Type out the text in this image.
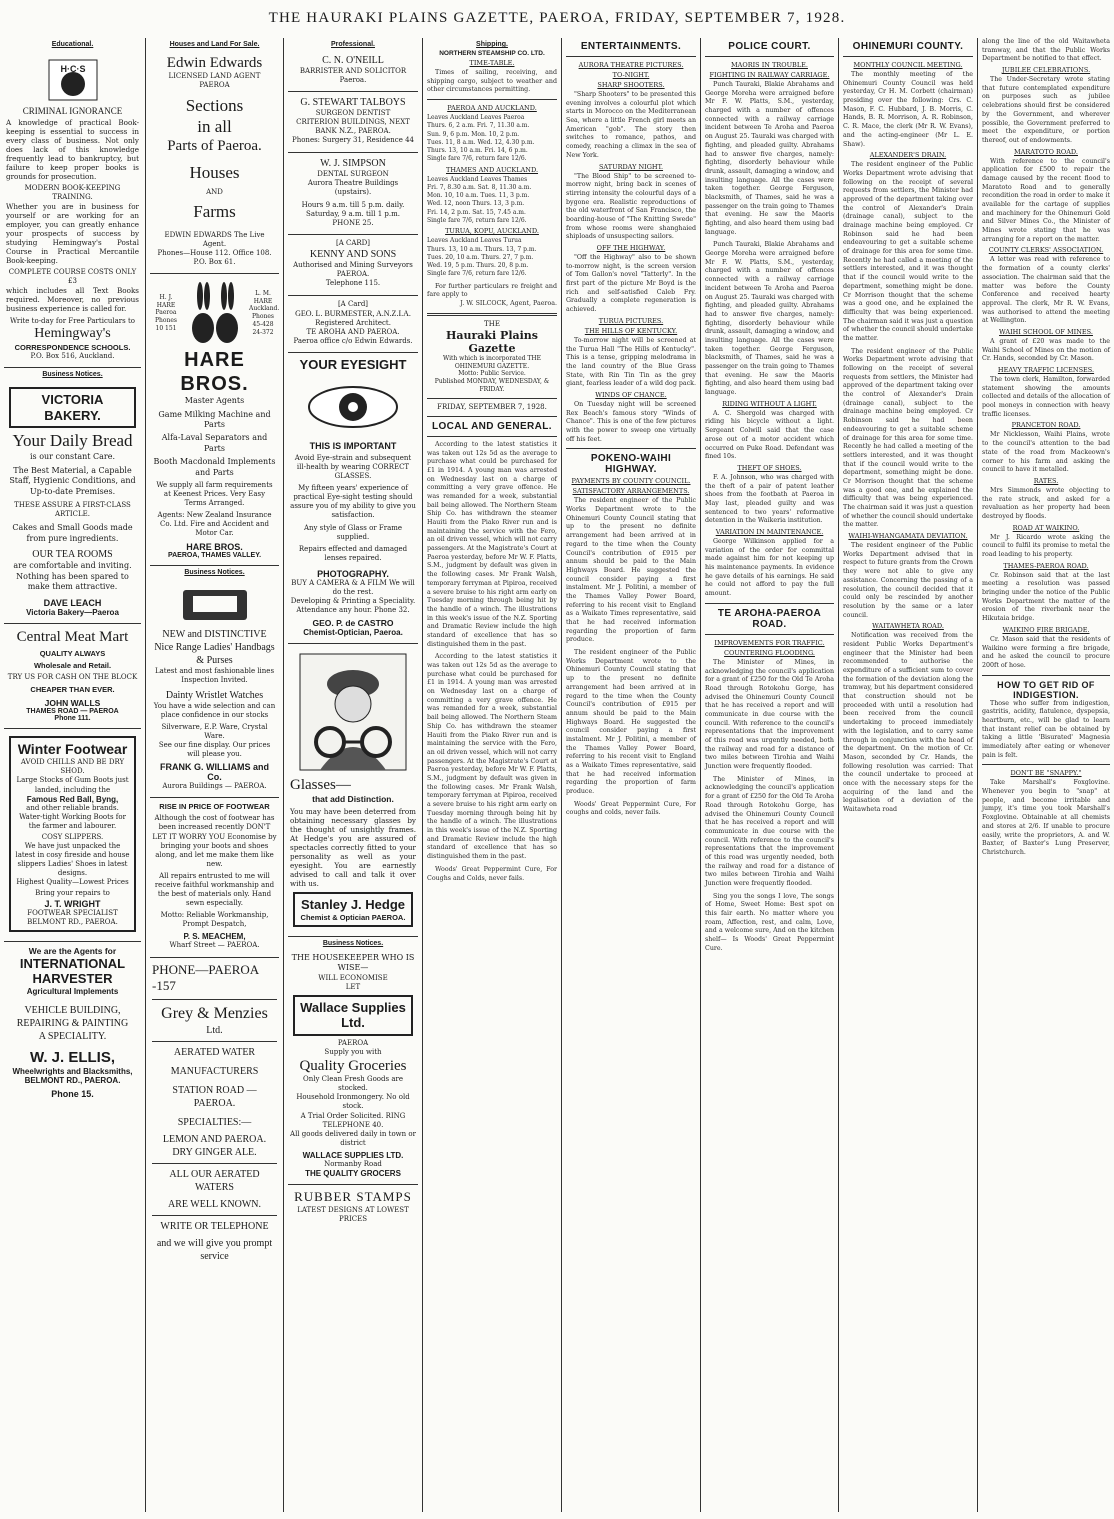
THE HAURAKI PLAINS GAZETTE, PAEROA, FRIDAY, SEPTEMBER 7, 1928.
Educational.
H·C·S
CRIMINAL IGNORANCE

A knowledge of practical Book-keeping is essential to success in every class of business. Not only does lack of this knowledge frequently lead to bankruptcy, but failure to keep proper books is grounds for prosecution.

MODERN BOOK-KEEPING TRAINING.

Whether you are in business for yourself or are working for an employer, you can greatly enhance your prospects of success by studying Hemingway's Postal Course in Practical Mercantile Book-keeping.

COMPLETE COURSE COSTS ONLY £3

which includes all Text Books required. Moreover, no previous business experience is called for.

Write to-day for Free Particulars to
Hemingway's
CORRESPONDENCE SCHOOLS.
P.O. Box 516, Auckland.
Business Notices.
VICTORIA BAKERY.
Your Daily Bread
is our constant Care.
The Best Material, a Capable Staff, Hygienic Conditions, and Up-to-date Premises.
THESE ASSURE A FIRST-CLASS ARTICLE.
Cakes and Small Goods made from pure ingredients.
OUR TEA ROOMS
are comfortable and inviting. Nothing has been spared to make them attractive.
DAVE LEACH
Victoria Bakery—Paeroa
Central Meat Mart
QUALITY ALWAYS
Wholesale and Retail.
TRY US FOR CASH ON THE BLOCK
CHEAPER THAN EVER.
JOHN WALLS
THAMES ROAD — PAEROA
Phone 111.
Winter Footwear
AVOID CHILLS AND BE DRY SHOD.
Large Stocks of Gum Boots just landed, including the
Famous Red Ball, Byng,
and other reliable brands.
Water-tight Working Boots for the farmer and labourer.
COSY SLIPPERS.
We have just unpacked the latest in cosy fireside and house slippers Ladies' Shoes in latest designs.
Highest Quality—Lowest Prices
Bring your repairs to
J. T. WRIGHT
FOOTWEAR SPECIALIST BELMONT RD., PAEROA.
We are the Agents for
INTERNATIONAL
HARVESTER
Agricultural Implements
VEHICLE BUILDING,
REPAIRING & PAINTING
A SPECIALITY.
W. J. ELLIS,
Wheelwrights and Blacksmiths,
BELMONT RD., PAEROA.
Phone 15.
Houses and Land For Sale.
Edwin Edwards
LICENSED LAND AGENT
PAEROA
Sections
in all
Parts of Paeroa.
Houses
AND
Farms
EDWIN EDWARDS The Live Agent.
Phones—House 112. Office 108. P.O. Box 61.
H. J. HARE Paeroa Phones 10 151
L. M. HARE Auckland. Phones 45-428 24-372
HARE BROS.
Master Agents
Game Milking Machine and Parts
Alfa-Laval Separators and Parts
Booth Macdonald Implements and Parts
We supply all farm requirements at Keenest Prices. Very Easy Terms Arranged.
Agents: New Zealand Insurance Co. Ltd. Fire and Accident and Motor Car.
HARE BROS.
PAEROA, THAMES VALLEY.
Business Notices.
NEW and DISTINCTIVE
Nice Range Ladies' Handbags & Purses
Latest and most fashionable lines Inspection Invited.
Dainty Wristlet Watches
You have a wide selection and can place confidence in our stocks
Silverware, E.P. Ware, Crystal Ware.
See our fine display. Our prices will please you.
FRANK G. WILLIAMS and Co.
Aurora Buildings — PAEROA.
RISE IN PRICE OF FOOTWEAR
Although the cost of footwear has been increased recently DON'T LET IT WORRY YOU Economise by bringing your boots and shoes along, and let me make them like new.
All repairs entrusted to me will receive faithful workmanship and the best of materials only. Hand sewn especially.
Motto: Reliable Workmanship, Prompt Despatch,
P. S. MEACHEM,
Wharf Street — PAEROA.
PHONE—PAEROA -157
Grey & Menzies
Ltd.
AERATED WATER
MANUFACTURERS
STATION ROAD — PAEROA.
SPECIALTIES:—
LEMON AND PAEROA. DRY GINGER ALE.
ALL OUR AERATED WATERS
ARE WELL KNOWN.
WRITE OR TELEPHONE
and we will give you prompt service
Professional.
C. N. O'NEILL
BARRISTER AND SOLICITOR
Paeroa.
G. STEWART TALBOYS
SURGEON DENTIST
CRITERION BUILDINGS, NEXT BANK N.Z., PAEROA.
Phones: Surgery 31, Residence 44
W. J. SIMPSON
DENTAL SURGEON
Aurora Theatre Buildings (upstairs).
Hours 9 a.m. till 5 p.m. daily. Saturday, 9 a.m. till 1 p.m.
PHONE 25.
[A CARD]
KENNY AND SONS
Authorised and Mining Surveyors PAEROA.
Telephone 115.
[A Card]
GEO. L. BURMESTER, A.N.Z.I.A.
Registered Architect.
TE AROHA AND PAEROA.
Paeroa office c/o Edwin Edwards.
YOUR EYESIGHT
THIS IS IMPORTANT
Avoid Eye-strain and subsequent ill-health by wearing CORRECT GLASSES.
My fifteen years' experience of practical Eye-sight testing should assure you of my ability to give you satisfaction.
Any style of Glass or Frame supplied.
Repairs effected and damaged lenses repaired.
PHOTOGRAPHY.
BUY A CAMERA & A FILM We will do the rest.
Developing & Printing a Speciality. Attendance any hour. Phone 32.
GEO. P. de CASTRO
Chemist-Optician, Paeroa.
Glasses—
that add Distinction.

You may have been deterred from obtaining necessary glasses by the thought of unsightly frames. At Hedge's you are assured of spectacles correctly fitted to your personality as well as your eyesight. You are earnestly advised to call and talk it over with us.

Stanley J. Hedge
Chemist & Optician PAEROA.
Business Notices.
THE HOUSEKEEPER WHO IS WISE—
WILL ECONOMISE
LET
Wallace Supplies Ltd.
PAEROA
Supply you with
Quality Groceries
Only Clean Fresh Goods are stocked.
Household Ironmongery. No old stock.
A Trial Order Solicited. RING TELEPHONE 40.
All goods delivered daily in town or district
WALLACE SUPPLIES LTD.
Normanby Road
THE QUALITY GROCERS
RUBBER STAMPS
LATEST DESIGNS AT LOWEST PRICES
Shipping.
NORTHERN STEAMSHIP CO. LTD.
TIME-TABLE.
Times of sailing, receiving, and shipping cargo, subject to weather and other circumstances permitting.
PAEROA AND AUCKLAND.
Leaves Auckland Leaves Paeroa
Thurs. 6, 2 a.m. Fri. 7, 11.30 a.m.
Sun. 9, 6 p.m. Mon. 10, 2 p.m.
Tues. 11, 8 a.m. Wed. 12, 4.30 p.m.
Thurs. 13, 10 a.m. Fri. 14, 6 p.m.
Single fare 7/6, return fare 12/6.
THAMES AND AUCKLAND.
Leaves Auckland Leaves Thames
Fri. 7, 8.30 a.m. Sat. 8, 11.30 a.m.
Mon. 10, 10 a.m. Tues. 11, 3 p.m.
Wed. 12, noon Thurs. 13, 3 p.m.
Fri. 14, 2 p.m. Sat. 15, 7.45 a.m.
Single fare 7/6, return fare 12/6.
TURUA, KOPU, AUCKLAND.
Leaves Auckland Leaves Turua
Thurs. 13, 10 a.m. Thurs. 13, 7 p.m.
Tues. 20, 10 a.m. Thurs. 27, 7 p.m.
Wed. 19, 5 p.m. Thurs. 20, 8 p.m.
Single fare 7/6, return fare 12/6.
For further particulars re freight and fare apply to
J. W. SILCOCK, Agent, Paeroa.
THE
Hauraki Plains Gazette
With which is incorporated THE OHINEMURI GAZETTE.
Motto: Public Service.
Published MONDAY, WEDNESDAY, & FRIDAY.
FRIDAY, SEPTEMBER 7, 1928.
LOCAL AND GENERAL.
According to the latest statistics it was taken out 12s 5d as the average to purchase what could be purchased for £1 in 1914. A young man was arrested on Wednesday last on a charge of committing a very grave offence. He was remanded for a week, substantial bail being allowed. The Northern Steam Ship Co. has withdrawn the steamer Hauiti from the Piako River run and is maintaining the service with the Fero, an oil driven vessel, which will not carry passengers. At the Magistrate's Court at Paeroa yesterday, before Mr W. F. Platts, S.M., judgment by default was given in the following cases. Mr Frank Walsh, temporary ferryman at Pipiroa, received a severe bruise to his right arm early on Tuesday morning through being hit by the handle of a winch. The illustrations in this week's issue of the N.Z. Sporting and Dramatic Review include the high standard of excellence that has so distinguished them in the past.
According to the latest statistics it was taken out 12s 5d as the average to purchase what could be purchased for £1 in 1914. A young man was arrested on Wednesday last on a charge of committing a very grave offence. He was remanded for a week, substantial bail being allowed. The Northern Steam Ship Co. has withdrawn the steamer Hauiti from the Piako River run and is maintaining the service with the Fero, an oil driven vessel, which will not carry passengers. At the Magistrate's Court at Paeroa yesterday, before Mr W. F. Platts, S.M., judgment by default was given in the following cases. Mr Frank Walsh, temporary ferryman at Pipiroa, received a severe bruise to his right arm early on Tuesday morning through being hit by the handle of a winch. The illustrations in this week's issue of the N.Z. Sporting and Dramatic Review include the high standard of excellence that has so distinguished them in the past.
Woods' Great Peppermint Cure, For Coughs and Colds, never fails.
ENTERTAINMENTS.
AURORA THEATRE PICTURES.
TO-NIGHT.
SHARP SHOOTERS.
"Sharp Shooters" to be presented this evening involves a colourful plot which starts in Morocco on the Mediterranean Sea, where a little French girl meets an American "gob". The story then switches to romance, pathos, and comedy, reaching a climax in the sea of New York.
SATURDAY NIGHT.
"The Blood Ship" to be screened to-morrow night, bring back in scenes of stirring intensity the colourful days of a bygone era. Realistic reproductions of the old waterfront of San Francisco, the boarding-house of "The Knitting Swede" from whose rooms were shanghaied shiploads of unsuspecting sailors.
OFF THE HIGHWAY.
"Off the Highway" also to be shown to-morrow night, is the screen version of Tom Gallon's novel "Tatterly". In the first part of the picture Mr Boyd is the rich and self-satisfied Caleb Fry. Gradually a complete regeneration is achieved.
TURUA PICTURES.
THE HILLS OF KENTUCKY.
To-morrow night will be screened at the Turua Hall "The Hills of Kentucky". This is a tense, gripping melodrama in the land country of the Blue Grass State, with Rin Tin Tin as the grey giant, fearless leader of a wild dog pack.
WINDS OF CHANCE.
On Tuesday night will be screened Rex Beach's famous story "Winds of Chance". This is one of the few pictures with the power to sweep one virtually off his feet.
POKENO-WAIHI HIGHWAY.
PAYMENTS BY COUNTY COUNCIL.
SATISFACTORY ARRANGEMENTS.
The resident engineer of the Public Works Department wrote to the Ohinemuri County Council stating that up to the present no definite arrangement had been arrived at in regard to the time when the County Council's contribution of £915 per annum should be paid to the Main Highways Board. He suggested the council consider paying a first instalment. Mr J. Politini, a member of the Thames Valley Power Board, referring to his recent visit to England as a Waikato Times representative, said that he had received information regarding the proportion of farm produce.
The resident engineer of the Public Works Department wrote to the Ohinemuri County Council stating that up to the present no definite arrangement had been arrived at in regard to the time when the County Council's contribution of £915 per annum should be paid to the Main Highways Board. He suggested the council consider paying a first instalment. Mr J. Politini, a member of the Thames Valley Power Board, referring to his recent visit to England as a Waikato Times representative, said that he had received information regarding the proportion of farm produce.
Woods' Great Peppermint Cure, For coughs and colds, never fails.
POLICE COURT.
MAORIS IN TROUBLE.
FIGHTING IN RAILWAY CARRIAGE.
Punch Tauraki, Blakie Abrahams and George Moreha were arraigned before Mr F. W. Platts, S.M., yesterday, charged with a number of offences connected with a railway carriage incident between Te Aroha and Paeroa on August 25. Tauraki was charged with fighting, and pleaded guilty. Abrahams had to answer five charges, namely: fighting, disorderly behaviour while drunk, assault, damaging a window, and insulting language. All the cases were taken together. George Ferguson, blacksmith, of Thames, said he was a passenger on the train going to Thames that evening. He saw the Maoris fighting, and also heard them using bad language.
Punch Tauraki, Blakie Abrahams and George Moreha were arraigned before Mr F. W. Platts, S.M., yesterday, charged with a number of offences connected with a railway carriage incident between Te Aroha and Paeroa on August 25. Tauraki was charged with fighting, and pleaded guilty. Abrahams had to answer five charges, namely: fighting, disorderly behaviour while drunk, assault, damaging a window, and insulting language. All the cases were taken together. George Ferguson, blacksmith, of Thames, said he was a passenger on the train going to Thames that evening. He saw the Maoris fighting, and also heard them using bad language.
RIDING WITHOUT A LIGHT.
A. C. Shergold was charged with riding his bicycle without a light. Sergeant Colwill said that the case arose out of a motor accident which occurred on Puke Road. Defendant was fined 10s.
THEFT OF SHOES.
F. A. Johnson, who was charged with the theft of a pair of patent leather shoes from the footbath at Paeroa in May last, pleaded guilty and was sentenced to two years' reformative detention in the Waikeria institution.
VARIATION IN MAINTENANCE.
George Wilkinson applied for a variation of the order for committal made against him for not keeping up his maintenance payments. In evidence he gave details of his earnings. He said he could not afford to pay the full amount.
TE AROHA-PAEROA ROAD.
IMPROVEMENTS FOR TRAFFIC.
COUNTERING FLOODING.
The Minister of Mines, in acknowledging the council's application for a grant of £250 for the Old Te Aroha Road through Rotokohu Gorge, has advised the Ohinemuri County Council that he has received a report and will communicate in due course with the council. With reference to the council's representations that the improvement of this road was urgently needed, both the railway and road for a distance of two miles between Tirohia and Waihi Junction were frequently flooded.
The Minister of Mines, in acknowledging the council's application for a grant of £250 for the Old Te Aroha Road through Rotokohu Gorge, has advised the Ohinemuri County Council that he has received a report and will communicate in due course with the council. With reference to the council's representations that the improvement of this road was urgently needed, both the railway and road for a distance of two miles between Tirohia and Waihi Junction were frequently flooded.
Sing you the songs I love, The songs of Home, Sweet Home: Best spot on this fair earth. No matter where you roam, Affection, rest, and calm, Love, and a welcome sure, And on the kitchen shelf— Is Woods' Great Peppermint Cure.
OHINEMURI COUNTY.
MONTHLY COUNCIL MEETING.
The monthly meeting of the Ohinemuri County Council was held yesterday, Cr H. M. Corbett (chairman) presiding over the following: Crs. C. Mason, F. C. Hubbard, J. B. Morris, C. Hands, B. R. Morrison, A. R. Robinson, C. R. Mace, the clerk (Mr R. W. Evans), and the acting-engineer (Mr L. E. Shaw).
ALEXANDER'S DRAIN.
The resident engineer of the Public Works Department wrote advising that following on the receipt of several requests from settlers, the Minister had approved of the department taking over the control of Alexander's Drain (drainage canal), subject to the drainage machine being employed. Cr Robinson said he had been endeavouring to get a suitable scheme of drainage for this area for some time. Recently he had called a meeting of the settlers interested, and it was thought that if the council would write to the department, something might be done. Cr Morrison thought that the scheme was a good one, and he explained the difficulty that was being experienced. The chairman said it was just a question of whether the council should undertake the matter.
The resident engineer of the Public Works Department wrote advising that following on the receipt of several requests from settlers, the Minister had approved of the department taking over the control of Alexander's Drain (drainage canal), subject to the drainage machine being employed. Cr Robinson said he had been endeavouring to get a suitable scheme of drainage for this area for some time. Recently he had called a meeting of the settlers interested, and it was thought that if the council would write to the department, something might be done. Cr Morrison thought that the scheme was a good one, and he explained the difficulty that was being experienced. The chairman said it was just a question of whether the council should undertake the matter.
WAIHI-WHANGAMATA DEVIATION.
The resident engineer of the Public Works Department advised that in respect to future grants from the Crown they were not able to give any assistance. Concerning the passing of a resolution, the council decided that it could only be rescinded by another resolution by the same or a later council.
WAITAWHETA ROAD.
Notification was received from the resident Public Works Department's engineer that the Minister had been recommended to authorise the expenditure of a sufficient sum to cover the formation of the deviation along the tramway, but his department considered that construction should not be proceeded with until a resolution had been received from the council undertaking to proceed immediately with the legislation, and to carry same through in conjunction with the head of the department. On the motion of Cr. Mason, seconded by Cr. Hands, the following resolution was carried: That the council undertake to proceed at once with the necessary steps for the acquiring of the land and the legalisation of a deviation of the Waitawheta road
along the line of the old Waitawheta tramway, and that the Public Works Department be notified to that effect.
JUBILEE CELEBRATIONS.
The Under-Secretary wrote stating that future contemplated expenditure on purposes such as jubilee celebrations should first be considered by the Government, and wherever possible, the Government preferred to meet the expenditure, or portion thereof, out of endowments.
MARATOTO ROAD.
With reference to the council's application for £500 to repair the damage caused by the recent flood to Maratoto Road and to generally recondition the road in order to make it available for the cartage of supplies and machinery for the Ohinemuri Gold and Silver Mines Co., the Minister of Mines wrote stating that he was arranging for a report on the matter.
COUNTY CLERKS' ASSOCIATION.
A letter was read with reference to the formation of a county clerks' association. The chairman said that the matter was before the County Conference and received hearty approval. The clerk, Mr R. W. Evans, was authorised to attend the meeting at Wellington.
WAIHI SCHOOL OF MINES.
A grant of £20 was made to the Waihi School of Mines on the motion of Cr. Hands, seconded by Cr. Mason.
HEAVY TRAFFIC LICENSES.
The town clerk, Hamilton, forwarded statement showing the amounts collected and details of the allocation of pool moneys in connection with heavy traffic licenses.
PRANCETON ROAD.
Mr Nicklesson, Waihi Plains, wrote to the council's attention to the bad state of the road from Mackeown's corner to his farm and asking the council to have it metalled.
RATES.
Mrs Simmonds wrote objecting to the rate struck, and asked for a revaluation as her property had been destroyed by floods.
ROAD AT WAIKINO.
Mr J. Ricardo wrote asking the council to fulfil its promise to metal the road leading to his property.
THAMES-PAEROA ROAD.
Cr. Robinson said that at the last meeting a resolution was passed bringing under the notice of the Public Works Department the matter of the erosion of the riverbank near the Hikutaia bridge.
WAIKINO FIRE BRIGADE.
Cr. Mason said that the residents of Waikino were forming a fire brigade, and he asked the council to procure 200ft of hose.
HOW TO GET RID OF INDIGESTION.
Those who suffer from indigestion, gastritis, acidity, flatulence, dyspepsia, heartburn, etc., will be glad to learn that instant relief can be obtained by taking a little 'Bisurated' Magnesia immediately after eating or whenever pain is felt.
DON'T BE "SNAPPY."
Take Marshall's Foxglovine. Whenever you begin to "snap" at people, and become irritable and jumpy, it's time you took Marshall's Foxglovine. Obtainable at all chemists and stores at 2/6. If unable to procure easily, write the proprietors, A. and W. Baxter, of Baxter's Lung Preserver, Christchurch.
